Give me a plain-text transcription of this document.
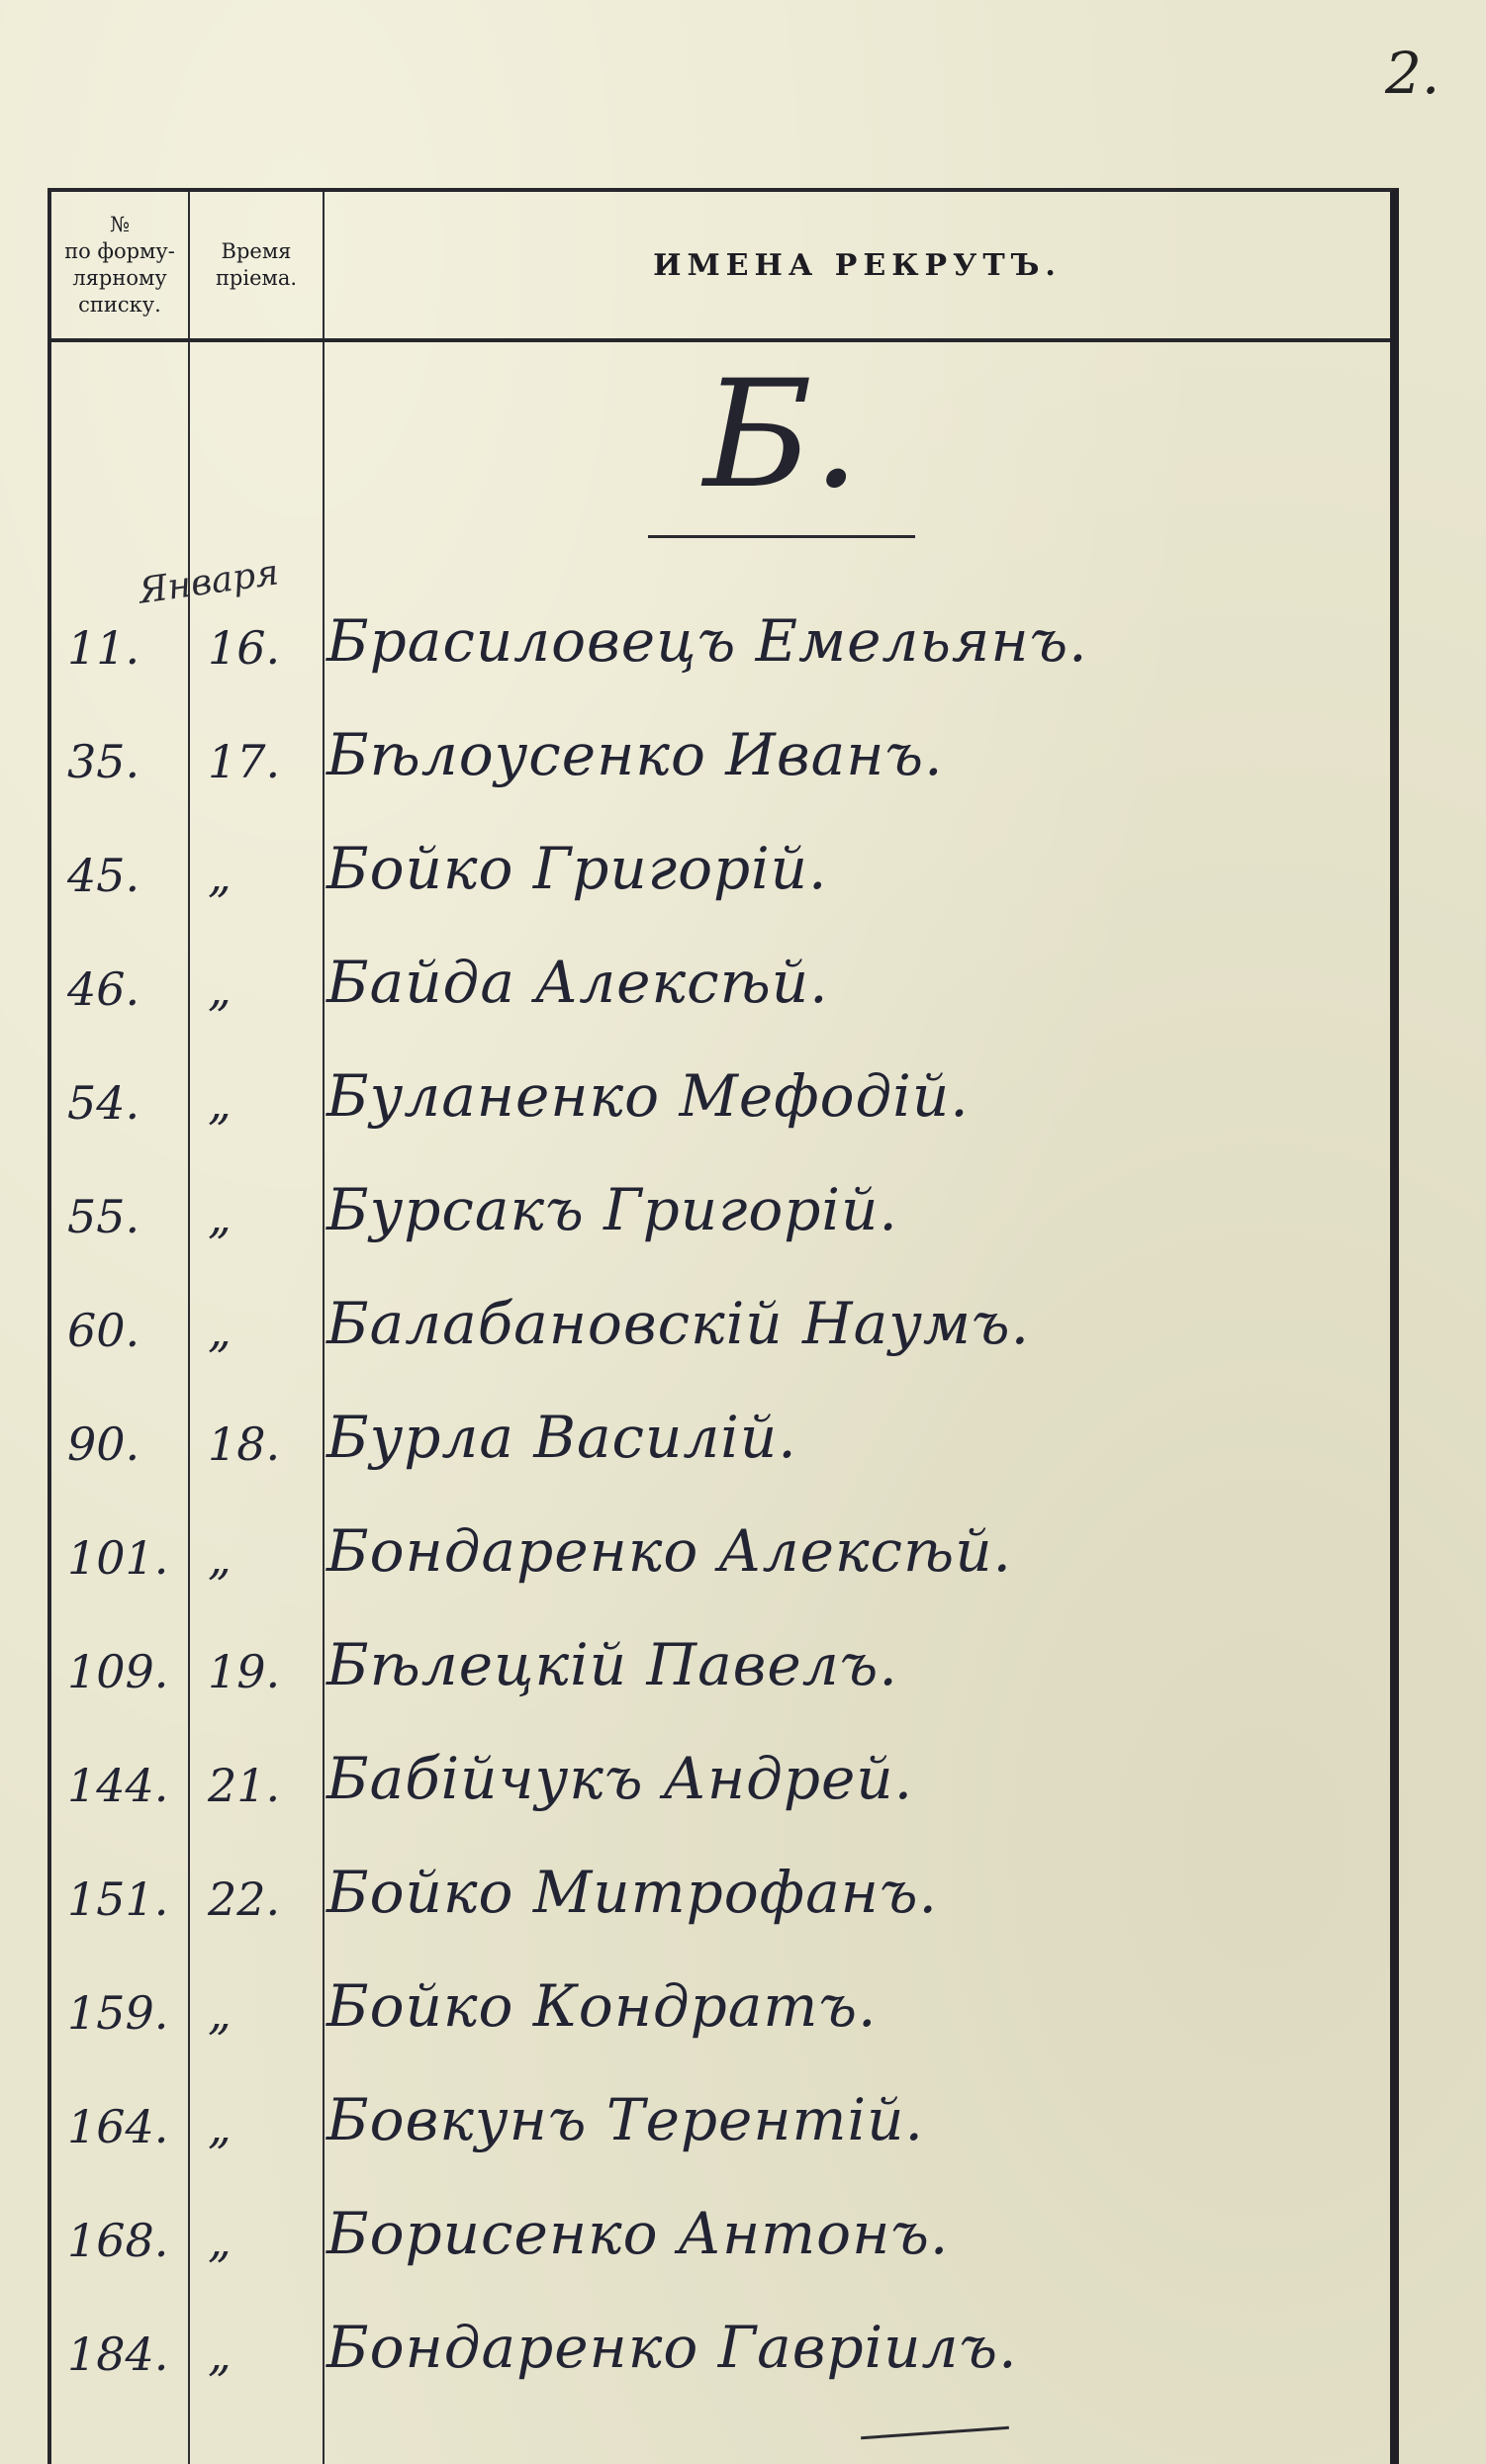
2.
№
по форму-
лярному
списку.
Время
пріема.	ИМЕНА РЕКРУТЪ.
Б.
Января
11.	16. Брасиловецъ Емельянъ.
35.	17. Бѣлоусенко Иванъ.
45.	„	Бойко Григорій.
46.	„	Байда Алексѣй.
54.	„	Буланенко Мефодій.
55.	„	Бурсакъ Григорій.
60.	„	Балабановскій Наумъ.
90.	18. Бурла Василій.
101. „	Бондаренко Алексѣй.
109. 19. Бѣлецкій Павелъ.
144. 21. Бабійчукъ Андрей.
151. 22. Бойко Митрофанъ.
159. „	Бойко Кондратъ.
164. „	Бовкунъ Терентій.
168. „	Борисенко Антонъ.
184. „	Бондаренко Гавріилъ.
